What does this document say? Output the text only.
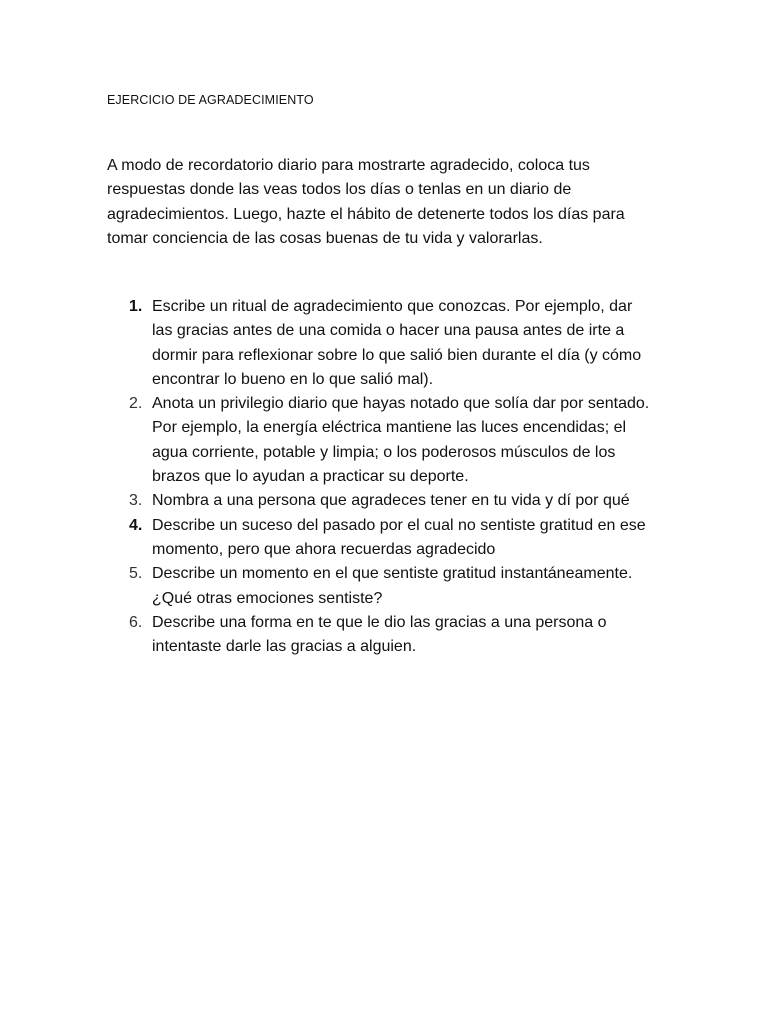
EJERCICIO DE AGRADECIMIENTO

A modo de recordatorio diario para mostrarte agradecido, coloca tus respuestas donde las veas todos los días o tenlas en un diario de agradecimientos. Luego, hazte el hábito de detenerte todos los días para tomar conciencia de las cosas buenas de tu vida y valorarlas.

1. Escribe un ritual de agradecimiento que conozcas. Por ejemplo, dar las gracias antes de una comida o hacer una pausa antes de irte a dormir para reflexionar sobre lo que salió bien durante el día (y cómo encontrar lo bueno en lo que salió mal).
2. Anota un privilegio diario que hayas notado que solía dar por sentado. Por ejemplo, la energía eléctrica mantiene las luces encendidas; el agua corriente, potable y limpia; o los poderosos músculos de los brazos que lo ayudan a practicar su deporte.
3. Nombra a una persona que agradeces tener en tu vida y dí por qué
4. Describe un suceso del pasado por el cual no sentiste gratitud en ese momento, pero que ahora recuerdas agradecido
5. Describe un momento en el que sentiste gratitud instantáneamente. ¿Qué otras emociones sentiste?
6. Describe una forma en te que le dio las gracias a una persona o intentaste darle las gracias a alguien.
